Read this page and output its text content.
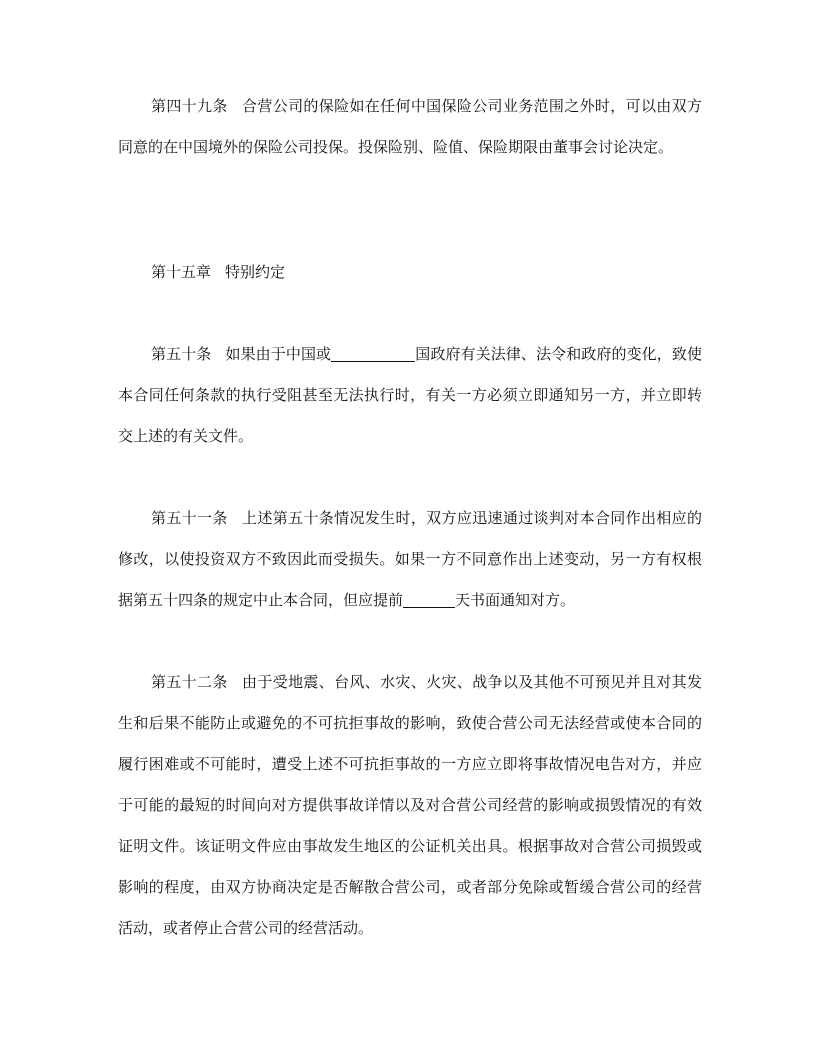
第四十九条 合营公司的保险如在任何中国保险公司业务范围之外时，可以由双方同意的在中国境外的保险公司投保。投保险别、险值、保险期限由董事会讨论决定。

第十五章 特别约定

第五十条 如果由于中国或	国政府有关法律、法令和政府的变化，致使本合同任何条款的执行受阻甚至无法执行时，有关一方必须立即通知另一方，并立即转交上述的有关文件。

第五十一条 上述第五十条情况发生时，双方应迅速通过谈判对本合同作出相应的修改，以使投资双方不致因此而受损失。如果一方不同意作出上述变动，另一方有权根据第五十四条的规定中止本合同，但应提前	天书面通知对方。

第五十二条 由于受地震、台风、水灾、火灾、战争以及其他不可预见并且对其发生和后果不能防止或避免的不可抗拒事故的影响，致使合营公司无法经营或使本合同的履行困难或不可能时，遭受上述不可抗拒事故的一方应立即将事故情况电告对方，并应于可能的最短的时间向对方提供事故详情以及对合营公司经营的影响或损毁情况的有效证明文件。该证明文件应由事故发生地区的公证机关出具。根据事故对合营公司损毁或影响的程度，由双方协商决定是否解散合营公司，或者部分免除或暂缓合营公司的经营活动，或者停止合营公司的经营活动。
